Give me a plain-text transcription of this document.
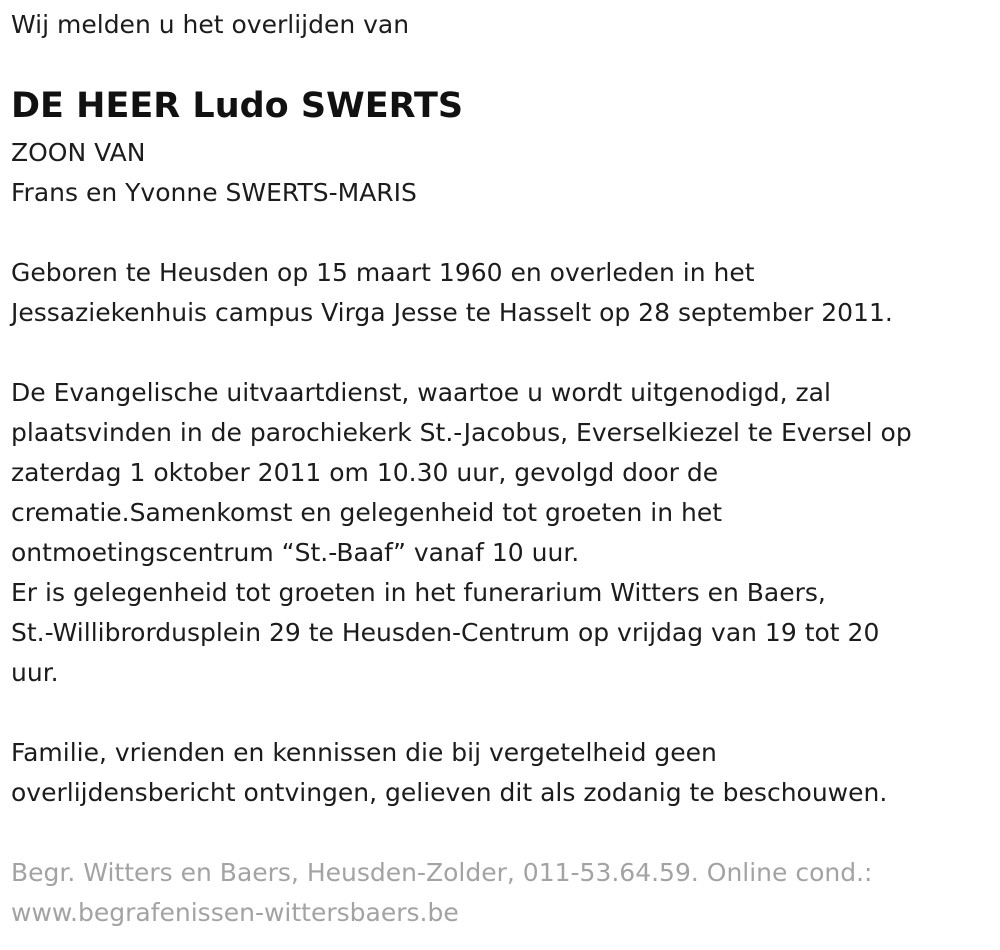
Wij melden u het overlijden van
DE HEER Ludo SWERTS
ZOON VAN
Frans en Yvonne SWERTS-MARIS
Geboren te Heusden op 15 maart 1960 en overleden in het
Jessaziekenhuis campus Virga Jesse te Hasselt op 28 september 2011.
De Evangelische uitvaartdienst, waartoe u wordt uitgenodigd, zal
plaatsvinden in de parochiekerk St.-Jacobus, Everselkiezel te Eversel op
zaterdag 1 oktober 2011 om 10.30 uur, gevolgd door de
crematie.Samenkomst en gelegenheid tot groeten in het
ontmoetingscentrum “St.-Baaf” vanaf 10 uur.
Er is gelegenheid tot groeten in het funerarium Witters en Baers,
St.-Willibrordusplein 29 te Heusden-Centrum op vrijdag van 19 tot 20
uur.
Familie, vrienden en kennissen die bij vergetelheid geen
overlijdensbericht ontvingen, gelieven dit als zodanig te beschouwen.
Begr. Witters en Baers, Heusden-Zolder, 011-53.64.59. Online cond.:
www.begrafenissen-wittersbaers.be
